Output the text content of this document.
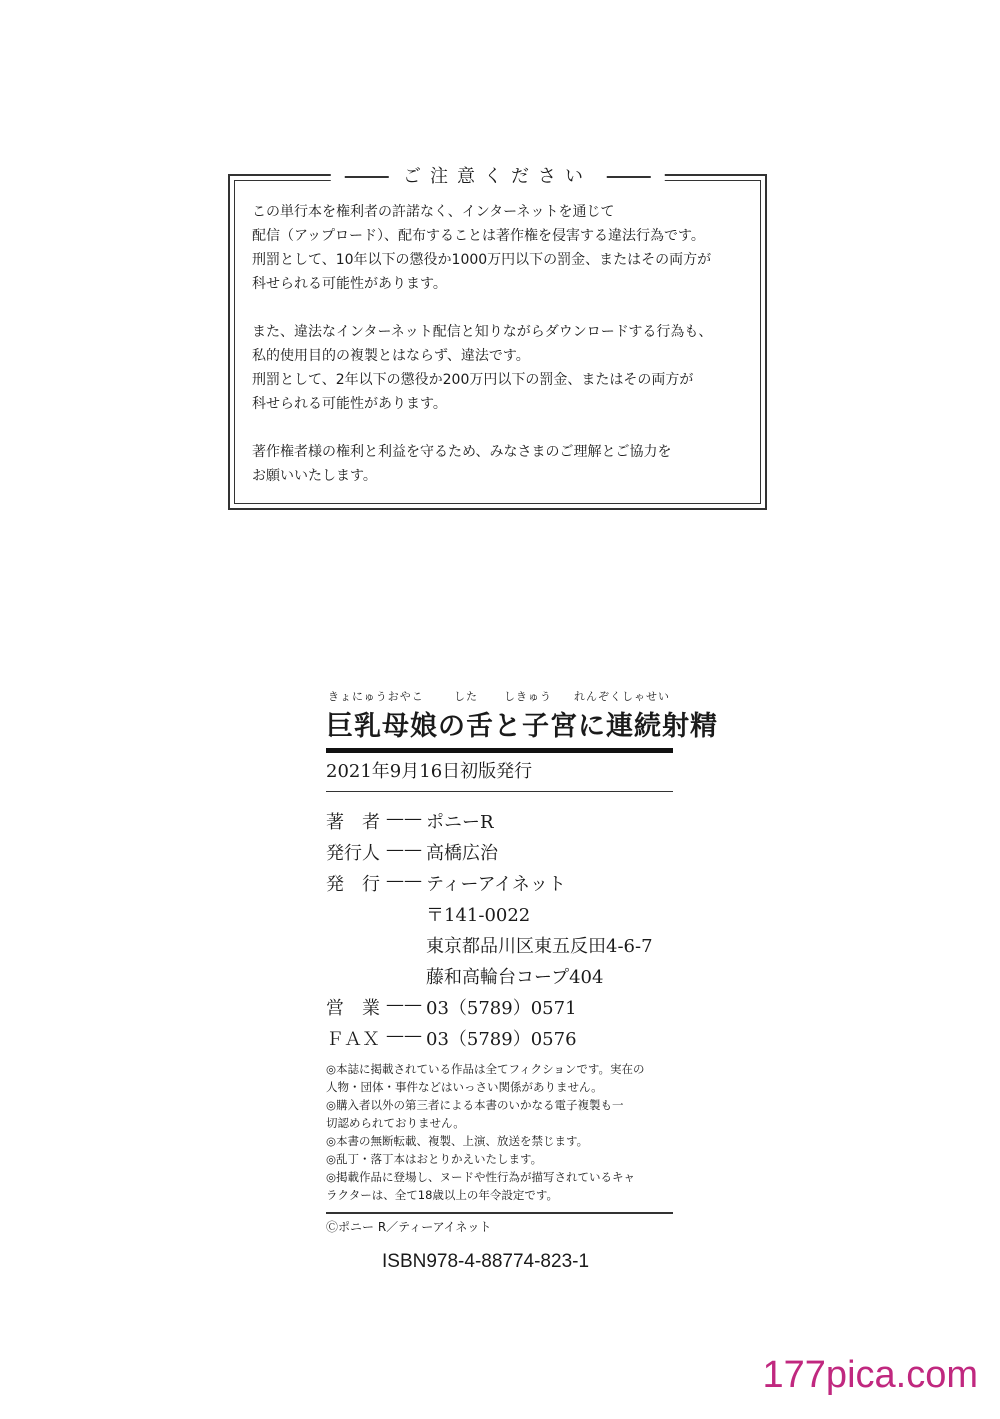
ご注意ください

この単行本を権利者の許諾なく、インターネットを通じて
配信（アップロード）、配布することは著作権を侵害する違法行為です。
刑罰として、10年以下の懲役か1000万円以下の罰金、またはその両方が
科せられる可能性があります。

また、違法なインターネット配信と知りながらダウンロードする行為も、
私的使用目的の複製とはならず、違法です。
刑罰として、2年以下の懲役か200万円以下の罰金、またはその両方が
科せられる可能性があります。

著作権者様の権利と利益を守るため、みなさまのご理解とご協力を
お願いいたします。

きょにゅうおやこ	した しきゅう れんぞくしゃせい
巨乳母娘の舌と子宮に連続射精
2021年9月16日初版発行
著　者 —— ポニーR
発行人 —— 高橋広治
発　行 —— ティーアイネット
〒141-0022
東京都品川区東五反田4-6-7
藤和高輪台コープ404
営　業 —— 03（5789）0571
ＦＡＸ —— 03（5789）0576
◎本誌に掲載されている作品は全てフィクションです。実在の
人物・団体・事件などはいっさい関係がありません。
◎購入者以外の第三者による本書のいかなる電子複製も一
切認められておりません。
◎本書の無断転載、複製、上演、放送を禁じます。
◎乱丁・落丁本はおとりかえいたします。
◎掲載作品に登場し、ヌードや性行為が描写されているキャ
ラクターは、全て18歳以上の年令設定です。
Ⓒポニー R／ティーアイネット
ISBN978-4-88774-823-1
177pica.com
